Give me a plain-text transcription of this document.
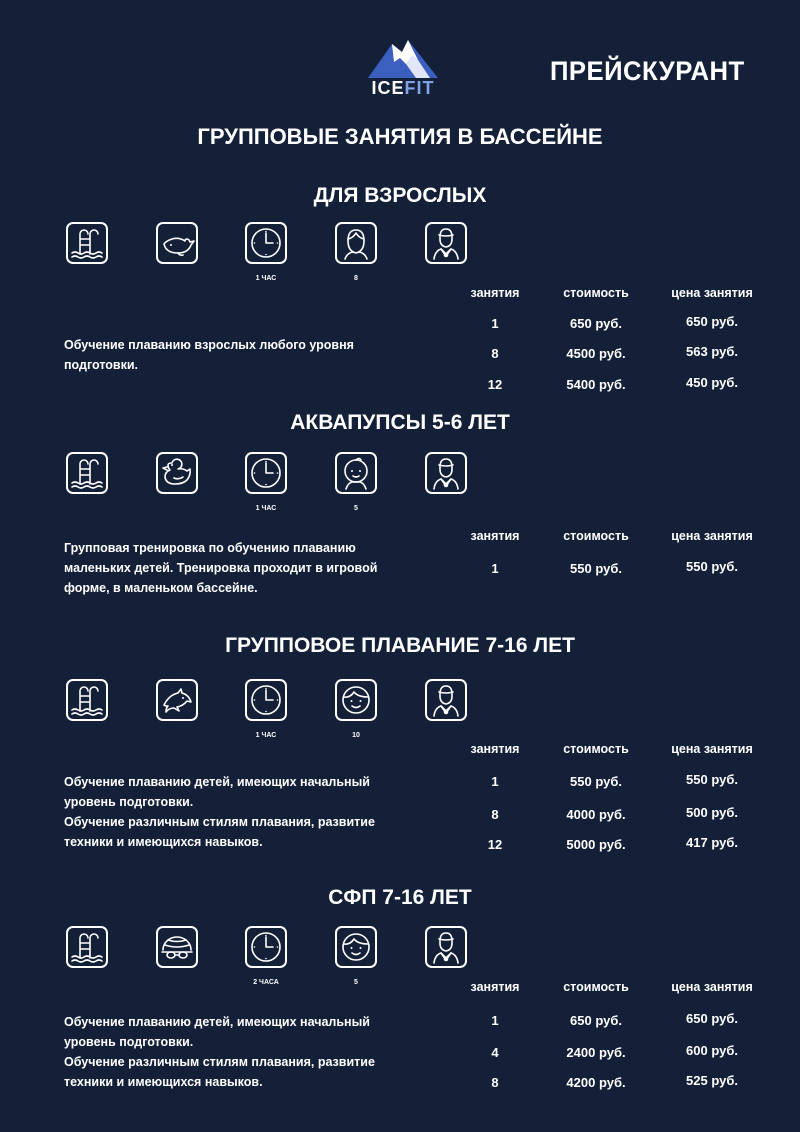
ICEFIT
ПРЕЙСКУРАНТ
ГРУППОВЫЕ ЗАНЯТИЯ В БАССЕЙНЕ
ДЛЯ ВЗРОСЛЫХ
1 ЧАС	8
занятия	стоимость	цена занятия
1	650 руб.	650 руб.
8	4500 руб.	563 руб.
12	5400 руб.	450 руб.
Обучение плаванию взрослых любого уровня
подготовки.
АКВАПУПСЫ 5-6 ЛЕТ
1 ЧАС	5
занятия	стоимость	цена занятия
1	550 руб.	550 руб.
Групповая тренировка по обучению плаванию
маленьких детей. Тренировка проходит в игровой
форме, в маленьком бассейне.
ГРУППОВОЕ ПЛАВАНИЕ 7-16 ЛЕТ
1 ЧАС	10
занятия	стоимость	цена занятия
1	550 руб.	550 руб.
8	4000 руб.	500 руб.
12	5000 руб.	417 руб.
Обучение плаванию детей, имеющих начальный
уровень подготовки.
Обучение различным стилям плавания, развитие
техники и имеющихся навыков.
СФП 7-16 ЛЕТ
2 ЧАСА	5	занятия	стоимость	цена занятия
1	650 руб.	650 руб.
4	2400 руб.	600 руб.
8	4200 руб.	525 руб.
Обучение плаванию детей, имеющих начальный
уровень подготовки.
Обучение различным стилям плавания, развитие
техники и имеющихся навыков.
